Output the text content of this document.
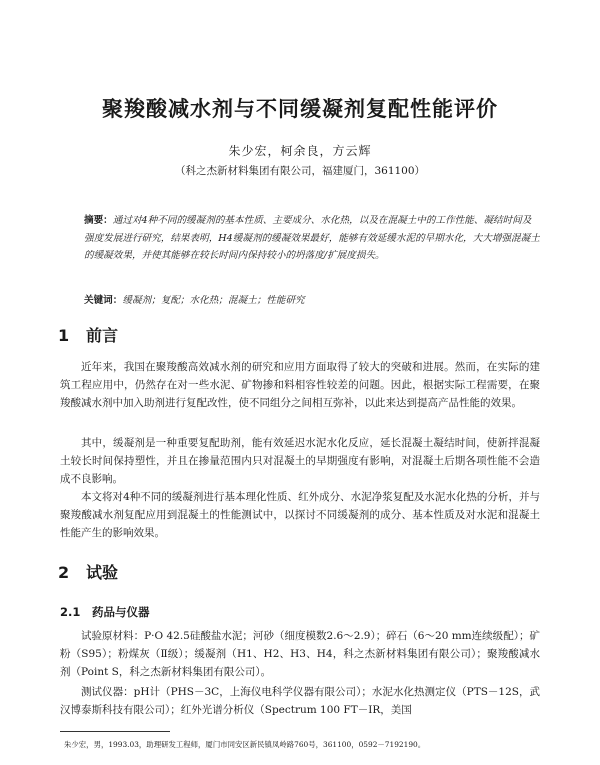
聚羧酸减水剂与不同缓凝剂复配性能评价
朱少宏，柯余良，方云辉
（科之杰新材料集团有限公司，福建厦门，361100）
摘要：通过对4种不同的缓凝剂的基本性质、主要成分、水化热，以及在混凝土中的工作性能、凝结时间及强度发展进行研究，结果表明，H4缓凝剂的缓凝效果最好，能够有效延缓水泥的早期水化，大大增强混凝土的缓凝效果，并使其能够在较长时间内保持较小的坍落度/扩展度损失。
关键词：缓凝剂；复配；水化热；混凝土；性能研究
1 前言

近年来，我国在聚羧酸高效减水剂的研究和应用方面取得了较大的突破和进展。然而，在实际的建筑工程应用中，仍然存在对一些水泥、矿物掺和料相容性较差的问题。因此，根据实际工程需要，在聚羧酸减水剂中加入助剂进行复配改性，使不同组分之间相互弥补，以此来达到提高产品性能的效果。

其中，缓凝剂是一种重要复配助剂，能有效延迟水泥水化反应，延长混凝土凝结时间，使新拌混凝土较长时间保持塑性，并且在掺量范围内只对混凝土的早期强度有影响，对混凝土后期各项性能不会造成不良影响。

本文将对4种不同的缓凝剂进行基本理化性质、红外成分、水泥净浆复配及水泥水化热的分析，并与聚羧酸减水剂复配应用到混凝土的性能测试中，以探讨不同缓凝剂的成分、基本性质及对水泥和混凝土性能产生的影响效果。

2 试验
2.1 药品与仪器

试验原材料：P·O 42.5硅酸盐水泥；河砂（细度模数2.6～2.9）；碎石（6～20 mm连续级配）；矿粉（S95）；粉煤灰（Ⅱ级）；缓凝剂（H1、H2、H3、H4，科之杰新材料集团有限公司）；聚羧酸减水剂（Point S，科之杰新材料集团有限公司）。

测试仪器：pH计（PHS－3C，上海仪电科学仪器有限公司）；水泥水化热测定仪（PTS－12S，武汉博泰斯科技有限公司）；红外光谱分析仪（Spectrum 100 FT－IR，美国

朱少宏，男，1993.03，助理研发工程师，厦门市同安区新民镇凤岭路760号，361100，0592－7192190。
